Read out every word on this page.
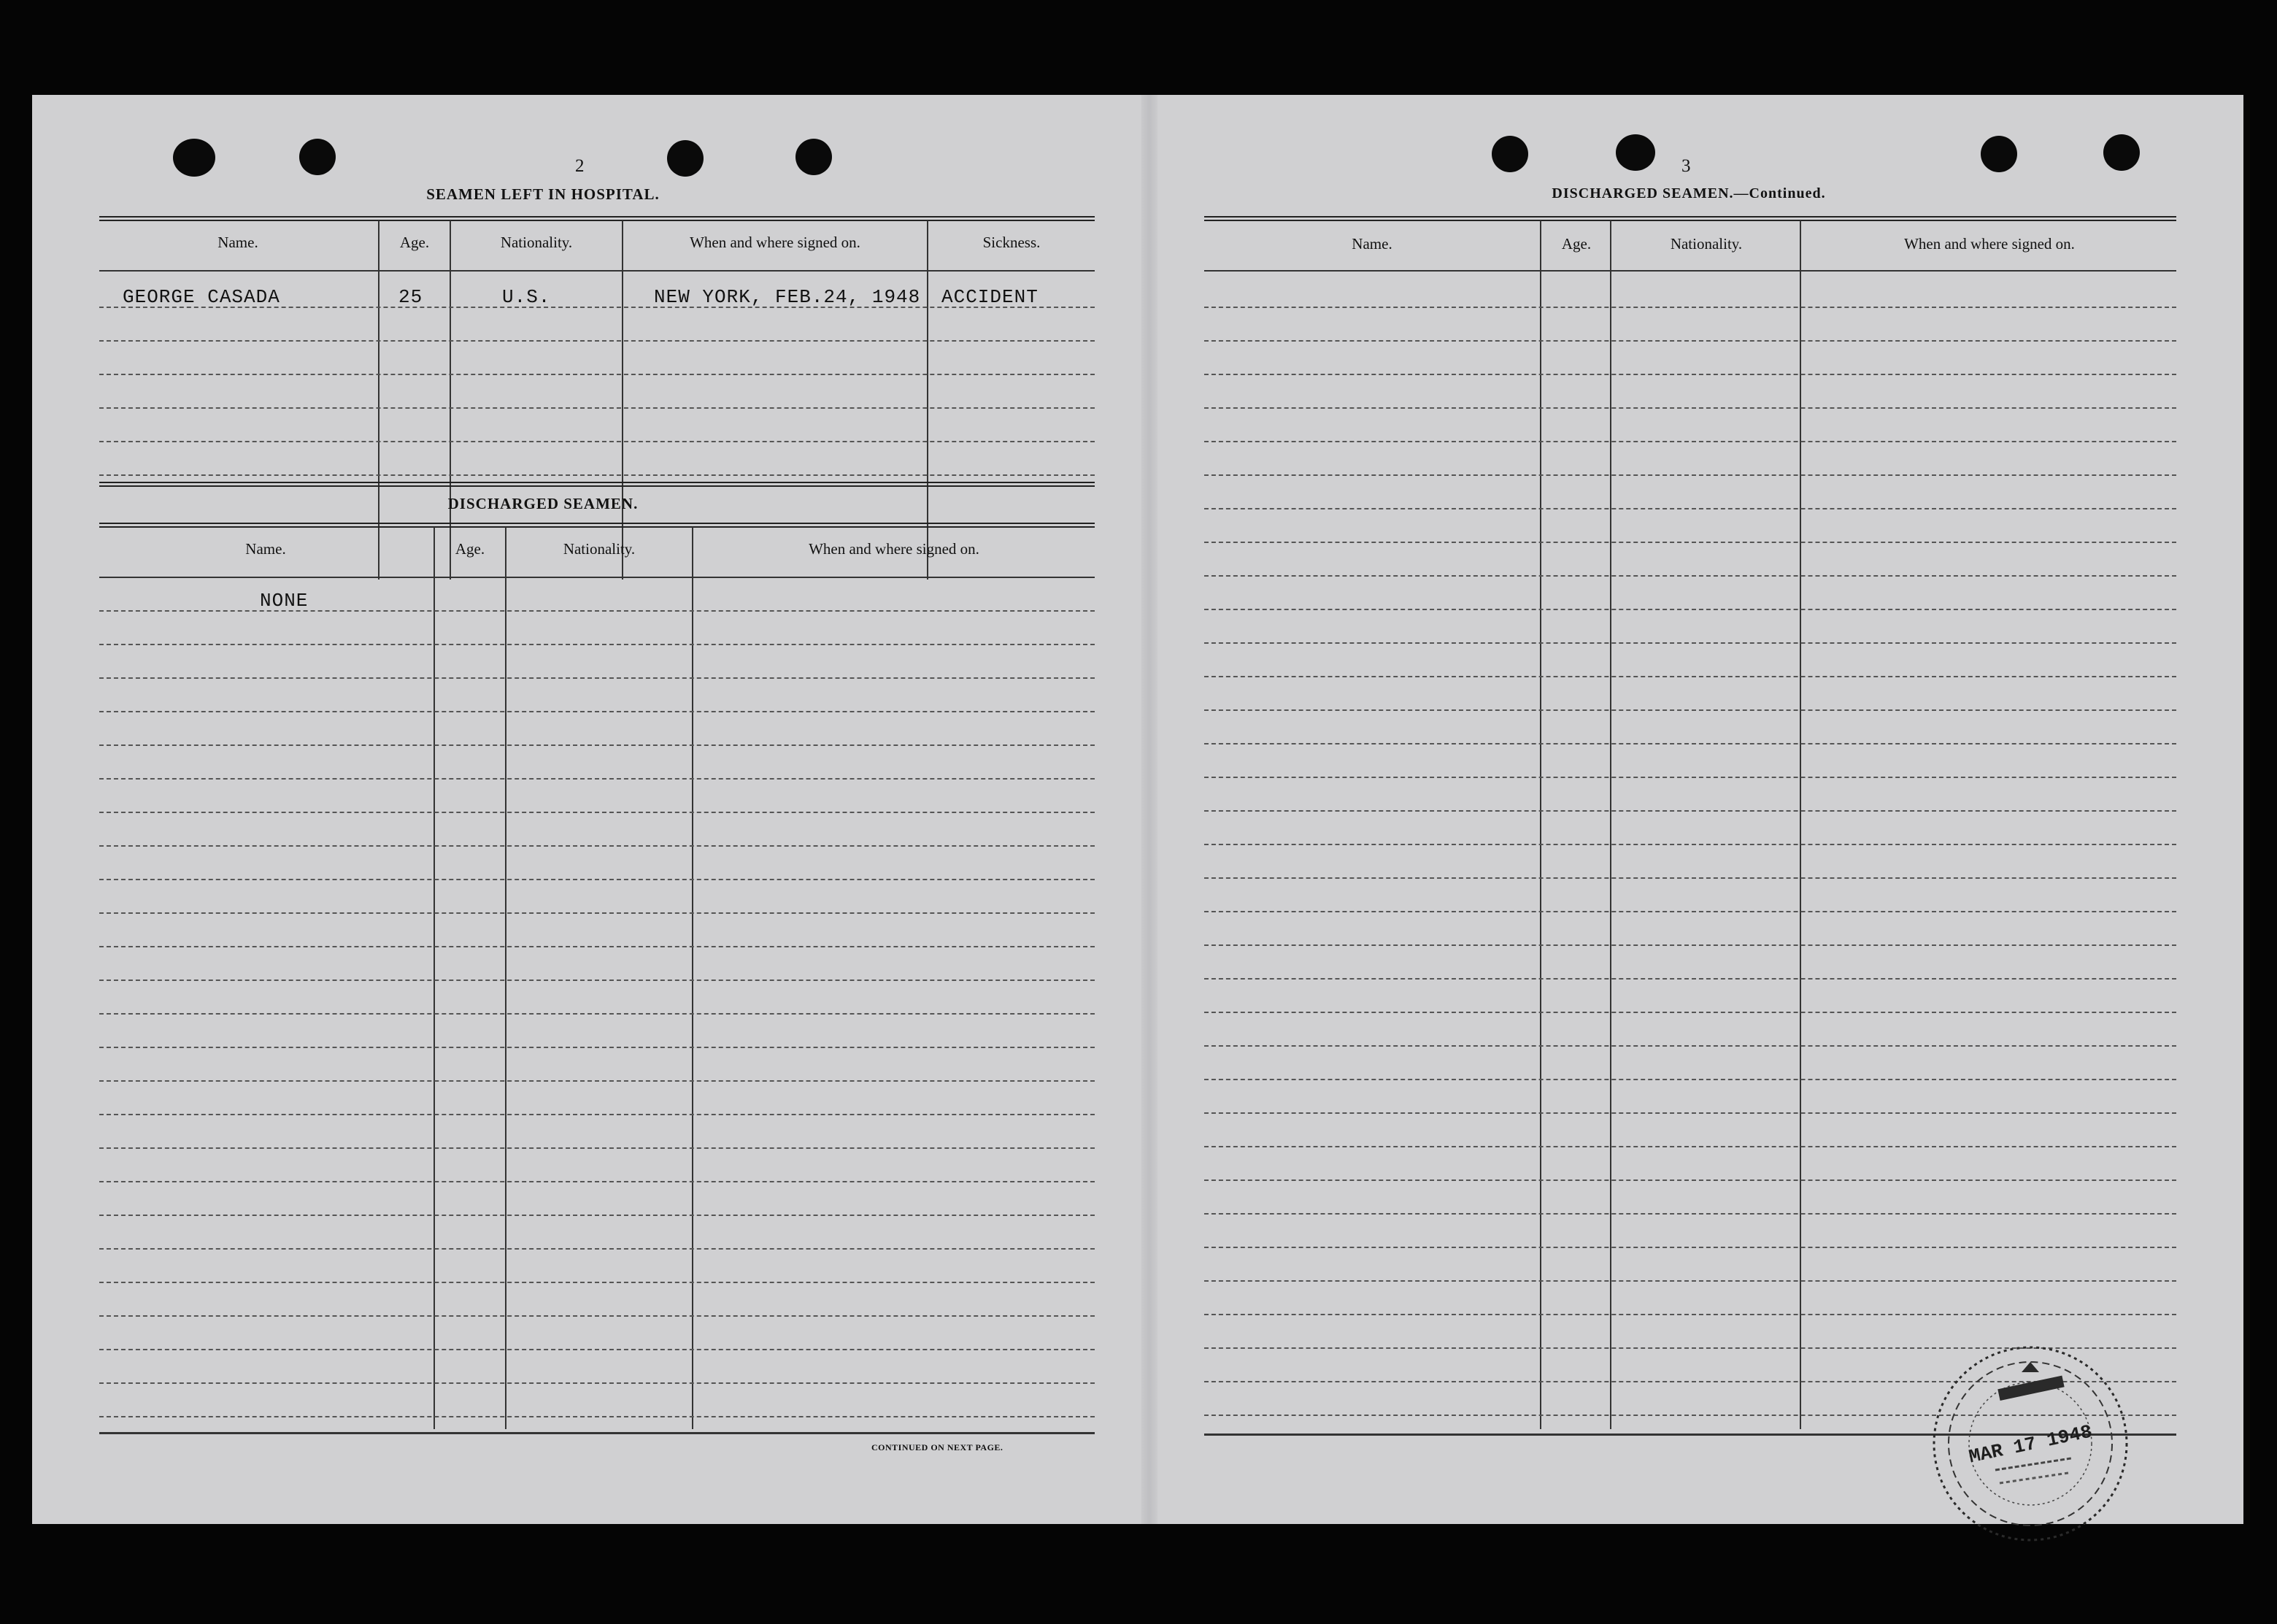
2
SEAMEN LEFT IN HOSPITAL.
Name.	Age.	Nationality.	When and where signed on.	Sickness.
GEORGE CASADA	25	U.S.	NEW YORK, FEB.24, 1948 ACCIDENT
DISCHARGED SEAMEN.
Name.	Age.	Nationality.	When and where signed on.
NONE
CONTINUED ON NEXT PAGE.
3
DISCHARGED SEAMEN.—Continued.
Name.	Age.	Nationality.	When and where signed on.
MAR 17 1948
